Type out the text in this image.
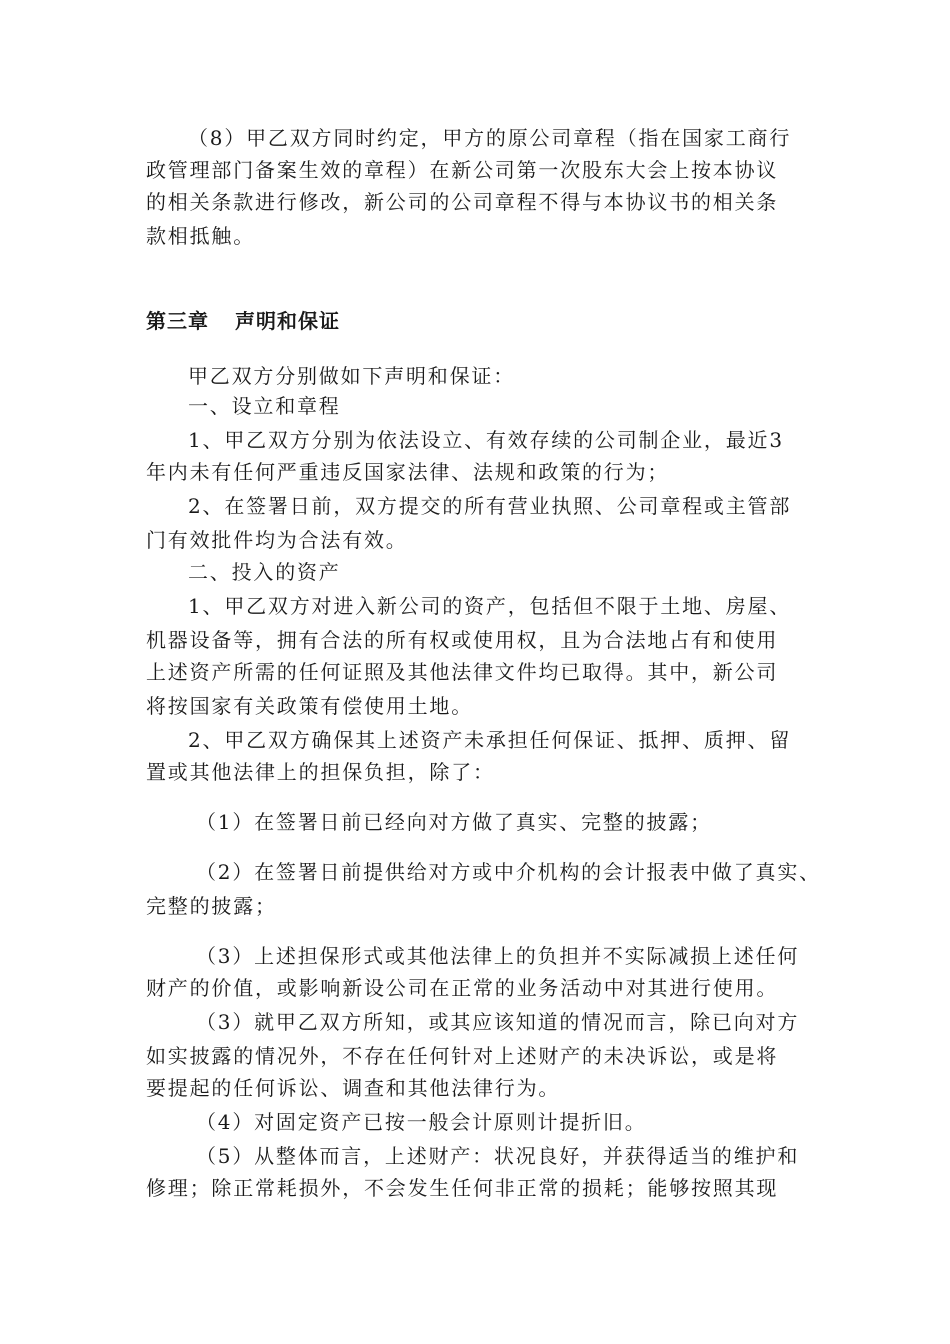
（8）甲乙双方同时约定，甲方的原公司章程（指在国家工商行

政管理部门备案生效的章程）在新公司第一次股东大会上按本协议

的相关条款进行修改，新公司的公司章程不得与本协议书的相关条

款相抵触。

第三章 声明和保证

甲乙双方分别做如下声明和保证：

一、设立和章程

1、甲乙双方分别为依法设立、有效存续的公司制企业，最近3

年内未有任何严重违反国家法律、法规和政策的行为；

2、在签署日前，双方提交的所有营业执照、公司章程或主管部

门有效批件均为合法有效。

二、投入的资产

1、甲乙双方对进入新公司的资产，包括但不限于土地、房屋、

机器设备等，拥有合法的所有权或使用权，且为合法地占有和使用

上述资产所需的任何证照及其他法律文件均已取得。其中，新公司

将按国家有关政策有偿使用土地。

2、甲乙双方确保其上述资产未承担任何保证、抵押、质押、留

置或其他法律上的担保负担，除了：

（1）在签署日前已经向对方做了真实、完整的披露；

（2）在签署日前提供给对方或中介机构的会计报表中做了真实、

完整的披露；

（3）上述担保形式或其他法律上的负担并不实际减损上述任何

财产的价值，或影响新设公司在正常的业务活动中对其进行使用。

（3）就甲乙双方所知，或其应该知道的情况而言，除已向对方

如实披露的情况外，不存在任何针对上述财产的未决诉讼，或是将

要提起的任何诉讼、调查和其他法律行为。

（4）对固定资产已按一般会计原则计提折旧。

（5）从整体而言，上述财产：状况良好，并获得适当的维护和

修理；除正常耗损外，不会发生任何非正常的损耗；能够按照其现
